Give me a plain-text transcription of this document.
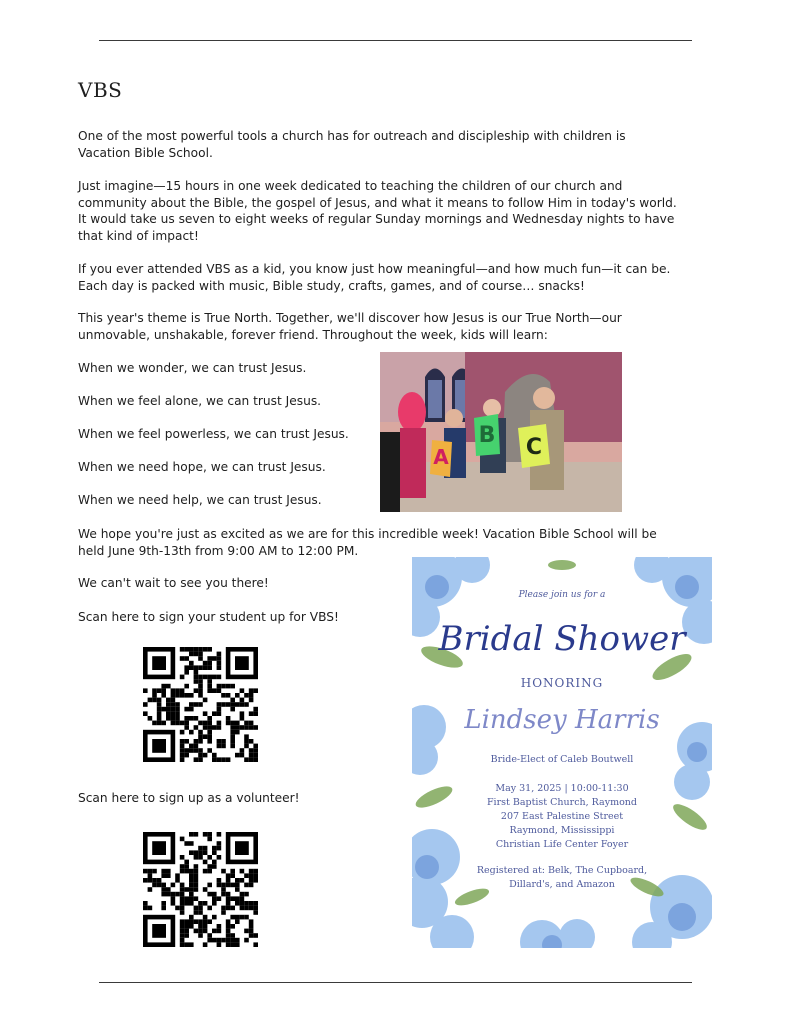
VBS

One of the most powerful tools a church has for outreach and discipleship with children is Vacation Bible School.

Just imagine—15 hours in one week dedicated to teaching the children of our church and community about the Bible, the gospel of Jesus, and what it means to follow Him in today's world. It would take us seven to eight weeks of regular Sunday mornings and Wednesday nights to have that kind of impact!

If you ever attended VBS as a kid, you know just how meaningful—and how much fun—it can be. Each day is packed with music, Bible study, crafts, games, and of course… snacks!

This year's theme is True North. Together, we'll discover how Jesus is our True North—our unmovable, unshakable, forever friend. Throughout the week, kids will learn:

When we wonder, we can trust Jesus.

When we feel alone, we can trust Jesus.

When we feel powerless, we can trust Jesus.

When we need hope, we can trust Jesus.

When we need help, we can trust Jesus.

A
B C

We hope you're just as excited as we are for this incredible week! Vacation Bible School will be held June 9th-13th from 9:00 AM to 12:00 PM.

We can't wait to see you there!

Scan here to sign your student up for VBS!

Scan here to sign up as a volunteer!

Please join us for a
Bridal Shower
HONORING
Lindsey Harris
Bride-Elect of Caleb Boutwell
May 31, 2025 | 10:00-11:30
First Baptist Church, Raymond
207 East Palestine Street
Raymond, Mississippi
Christian Life Center Foyer
Registered at: Belk, The Cupboard,
Dillard's, and Amazon
